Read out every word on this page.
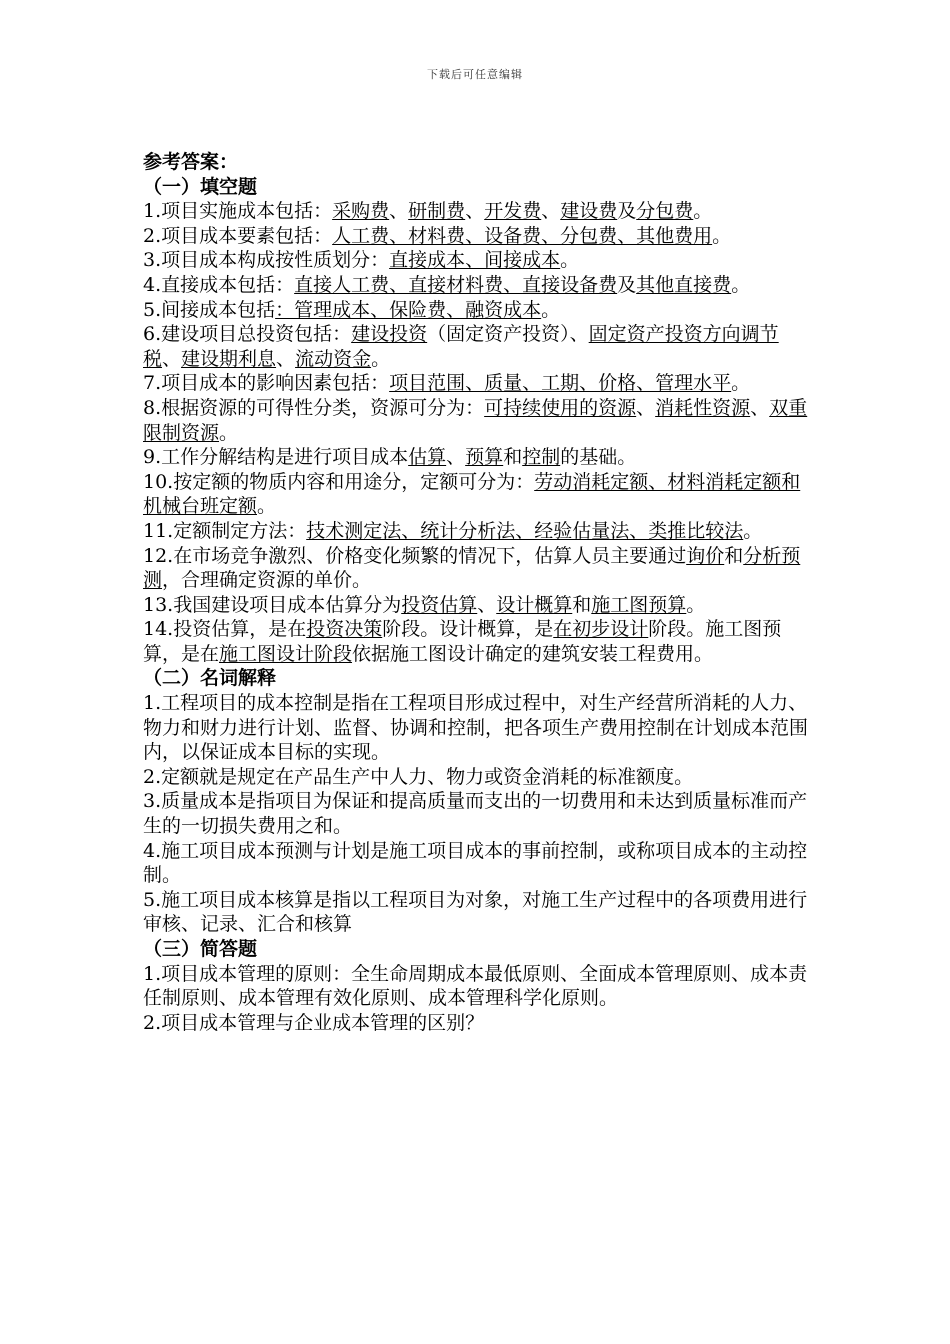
下载后可任意编辑
参考答案：
（一）填空题
1.项目实施成本包括：采购费、研制费、开发费、建设费及分包费。
2.项目成本要素包括：人工费、材料费、设备费、分包费、其他费用。
3.项目成本构成按性质划分：直接成本、间接成本。
4.直接成本包括：直接人工费、直接材料费、直接设备费及其他直接费。
5.间接成本包括：管理成本、保险费、融资成本。
6.建设项目总投资包括：建设投资（固定资产投资）、固定资产投资方向调节税、建设期利息、流动资金。
7.项目成本的影响因素包括：项目范围、质量、工期、价格、管理水平。
8.根据资源的可得性分类，资源可分为：可持续使用的资源、消耗性资源、双重限制资源。
9.工作分解结构是进行项目成本估算、预算和控制的基础。
10.按定额的物质内容和用途分，定额可分为：劳动消耗定额、材料消耗定额和机械台班定额。
11.定额制定方法：技术测定法、统计分析法、经验估量法、类推比较法。
12.在市场竞争激烈、价格变化频繁的情况下，估算人员主要通过询价和分析预测，合理确定资源的单价。
13.我国建设项目成本估算分为投资估算、设计概算和施工图预算。
14.投资估算，是在投资决策阶段。设计概算，是在初步设计阶段。施工图预算，是在施工图设计阶段依据施工图设计确定的建筑安装工程费用。
（二）名词解释
1.工程项目的成本控制是指在工程项目形成过程中，对生产经营所消耗的人力、物力和财力进行计划、监督、协调和控制，把各项生产费用控制在计划成本范围内，以保证成本目标的实现。
2.定额就是规定在产品生产中人力、物力或资金消耗的标准额度。
3.质量成本是指项目为保证和提高质量而支出的一切费用和未达到质量标准而产生的一切损失费用之和。
4.施工项目成本预测与计划是施工项目成本的事前控制，或称项目成本的主动控制。
5.施工项目成本核算是指以工程项目为对象，对施工生产过程中的各项费用进行审核、记录、汇合和核算
（三）简答题
1.项目成本管理的原则：全生命周期成本最低原则、全面成本管理原则、成本责任制原则、成本管理有效化原则、成本管理科学化原则。
2.项目成本管理与企业成本管理的区别？
